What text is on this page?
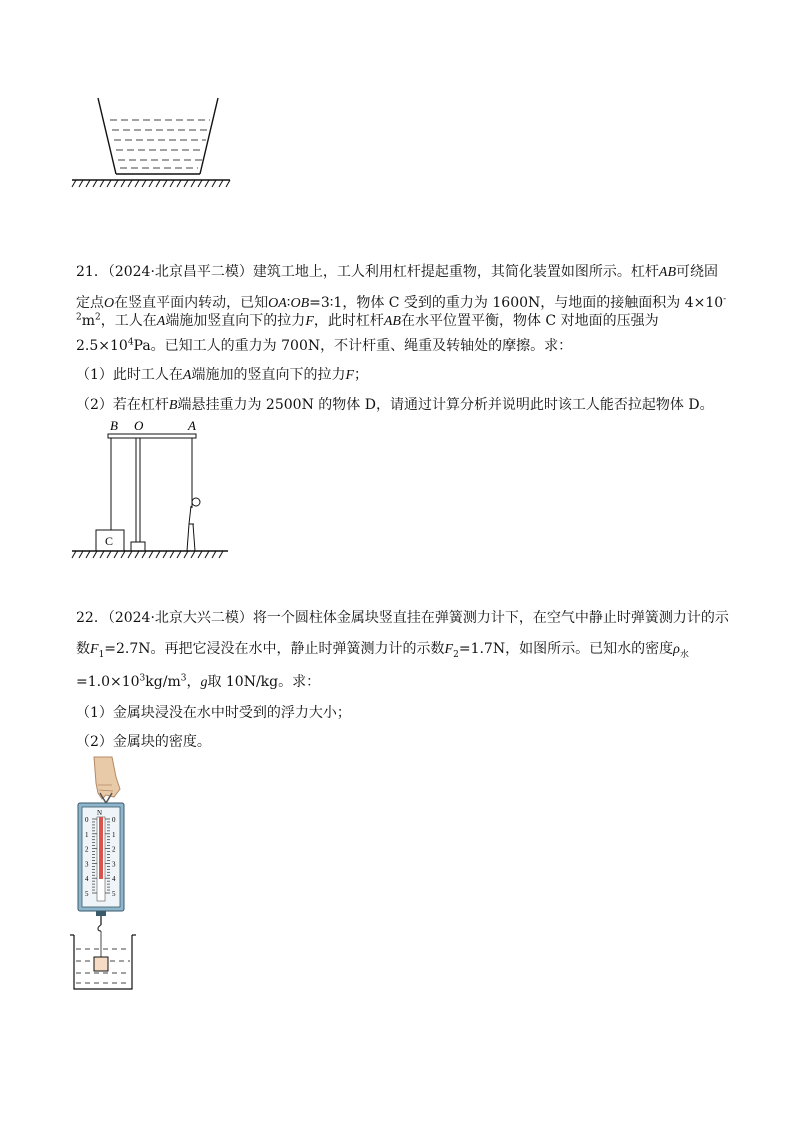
21．（2024·北京昌平二模）建筑工地上，工人利用杠杆提起重物，其简化装置如图所示。杠杆AB可绕固
定点O在竖直平面内转动，已知OA∶OB=3∶1，物体 C 受到的重力为 1600N，与地面的接触面积为 4×10-
$^2m^2$，工人在A端施加竖直向下的拉力F，此时杠杆AB在水平位置平衡，物体 C 对地面的压强为
$2.5\times 10^4Pa$。已知工人的重力为 700N，不计杆重、绳重及转轴处的摩擦。求：
（1）此时工人在A端施加的竖直向下的拉力F；
（2）若在杠杆B端悬挂重力为 2500N 的物体 D，请通过计算分析并说明此时该工人能否拉起物体 D。
B O	A
C
22．（2024·北京大兴二模）将一个圆柱体金属块竖直挂在弹簧测力计下，在空气中静止时弹簧测力计的示
数$F_1=2.7N$。再把它浸没在水中，静止时弹簧测力计的示数$F_2=1.7N$，如图所示。已知水的密度$\rho_水$
$=1.0\times 10^3kg/m^3$，g取 10N/kg。求：
（1）金属块浸没在水中时受到的浮力大小；
（2）金属块的密度。
N
0
1
2
3
4
5
0
1
2
3
4
5
